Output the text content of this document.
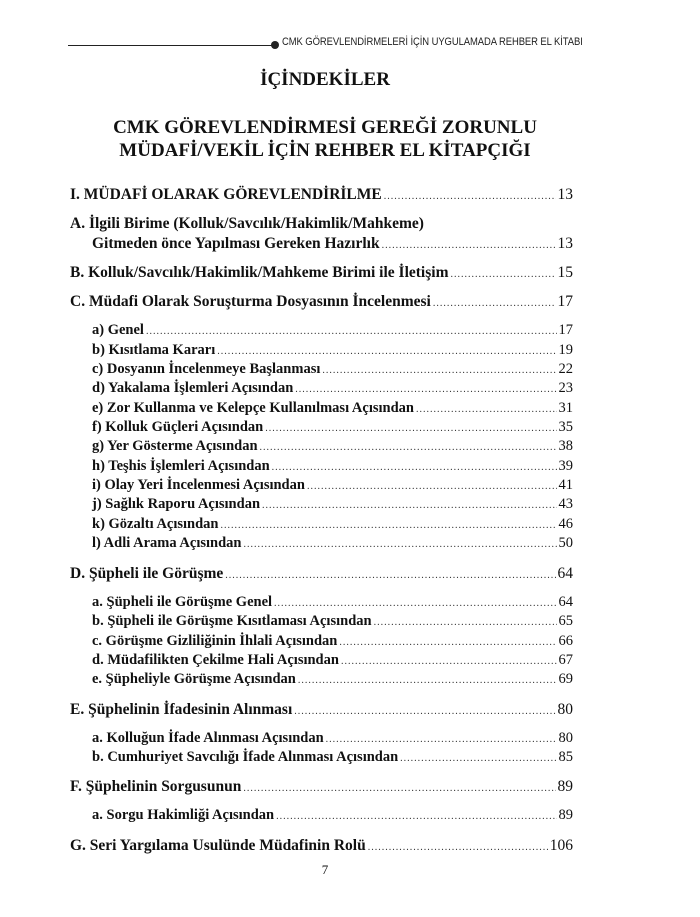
CMK GÖREVLENDİRMELERİ İÇİN UYGULAMADA REHBER EL KİTABI
İÇİNDEKİLER
CMK GÖREVLENDİRMESİ GEREĞİ ZORUNLU
MÜDAFİ/VEKİL İÇİN REHBER EL KİTAPÇIĞI
I. MÜDAFİ OLARAK GÖREVLENDİRİLME .....	13
A. İlgili Birime (Kolluk/Savcılık/Hakimlik/Mahkeme)
Gitmeden önce Yapılması Gereken Hazırlık .....	13
B. Kolluk/Savcılık/Hakimlik/Mahkeme Birimi ile İletişim .....	15
C. Müdafi Olarak Soruşturma Dosyasının İncelenmesi .....	17
a) Genel .....	17
b) Kısıtlama Kararı .....	19
c) Dosyanın İncelenmeye Başlanması .....	22
d) Yakalama İşlemleri Açısından .....	23
e) Zor Kullanma ve Kelepçe Kullanılması Açısından .....	31
f) Kolluk Güçleri Açısından .....	35
g) Yer Gösterme Açısından .....	38
h) Teşhis İşlemleri Açısından .....	39
i) Olay Yeri İncelenmesi Açısından .....	41
j) Sağlık Raporu Açısından .....	43
k) Gözaltı Açısından .....	46
l) Adli Arama Açısından .....	50
D. Şüpheli ile Görüşme .....	64
a. Şüpheli ile Görüşme Genel .....	64
b. Şüpheli ile Görüşme Kısıtlaması Açısından .....	65
c. Görüşme Gizliliğinin İhlali Açısından .....	66
d. Müdafilikten Çekilme Hali Açısından .....	67
e. Şüpheliyle Görüşme Açısından .....	69
E. Şüphelinin İfadesinin Alınması .....	80
a. Kolluğun İfade Alınması Açısından .....	80
b. Cumhuriyet Savcılığı İfade Alınması Açısından .....	85
F. Şüphelinin Sorgusunun .....	89
a. Sorgu Hakimliği Açısından .....	89
G. Seri Yargılama Usulünde Müdafinin Rolü .....	106
7
